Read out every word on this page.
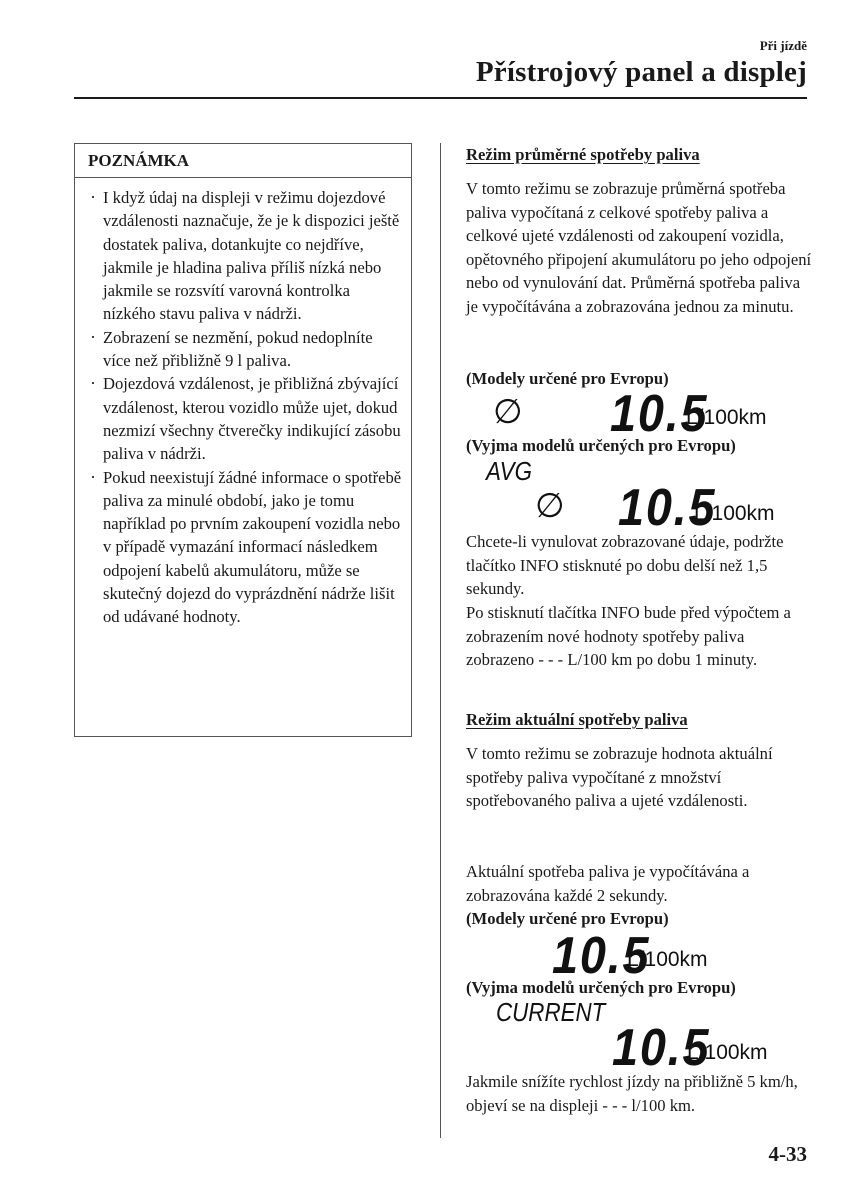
Při jízdě
Přístrojový panel a displej
POZNÁMKA
· I když údaj na displeji v režimu dojezdové vzdálenosti naznačuje, že je k dispozici ještě dostatek paliva, dotankujte co nejdříve, jakmile je hladina paliva příliš nízká nebo jakmile se rozsvítí varovná kontrolka nízkého stavu paliva v nádrži.
· Zobrazení se nezmění, pokud nedoplníte více než přibližně 9 l paliva.
· Dojezdová vzdálenost, je přibližná zbývající vzdálenost, kterou vozidlo může ujet, dokud nezmizí všechny čtverečky indikující zásobu paliva v nádrži.
· Pokud neexistují žádné informace o spotřebě paliva za minulé období, jako je tomu například po prvním zakoupení vozidla nebo v případě vymazání informací následkem odpojení kabelů akumulátoru, může se skutečný dojezd do vyprázdnění nádrže lišit od udávané hodnoty.
Režim průměrné spotřeby paliva
V tomto režimu se zobrazuje průměrná spotřeba paliva vypočítaná z celkové spotřeby paliva a celkové ujeté vzdálenosti od zakoupení vozidla, opětovného připojení akumulátoru po jeho odpojení nebo od vynulování dat. Průměrná spotřeba paliva je vypočítávána a zobrazována jednou za minutu.
(Modely určené pro Evropu)
∅ 10.5
L/100km
(Vyjma modelů určených pro Evropu)
AVG
∅ 10.5
L/100km
Chcete-li vynulovat zobrazované údaje, podržte tlačítko INFO stisknuté po dobu delší než 1,5 sekundy.
Po stisknutí tlačítka INFO bude před výpočtem a zobrazením nové hodnoty spotřeby paliva zobrazeno - - - L/100 km po dobu 1 minuty.
Režim aktuální spotřeby paliva
V tomto režimu se zobrazuje hodnota aktuální spotřeby paliva vypočítané z množství spotřebovaného paliva a ujeté vzdálenosti.
Aktuální spotřeba paliva je vypočítávána a zobrazována každé 2 sekundy.
(Modely určené pro Evropu)
10.5
L/100km
(Vyjma modelů určených pro Evropu)
CURRENT
10.5
L/100km
Jakmile snížíte rychlost jízdy na přibližně 5 km/h, objeví se na displeji - - - l/100 km.
4-33
